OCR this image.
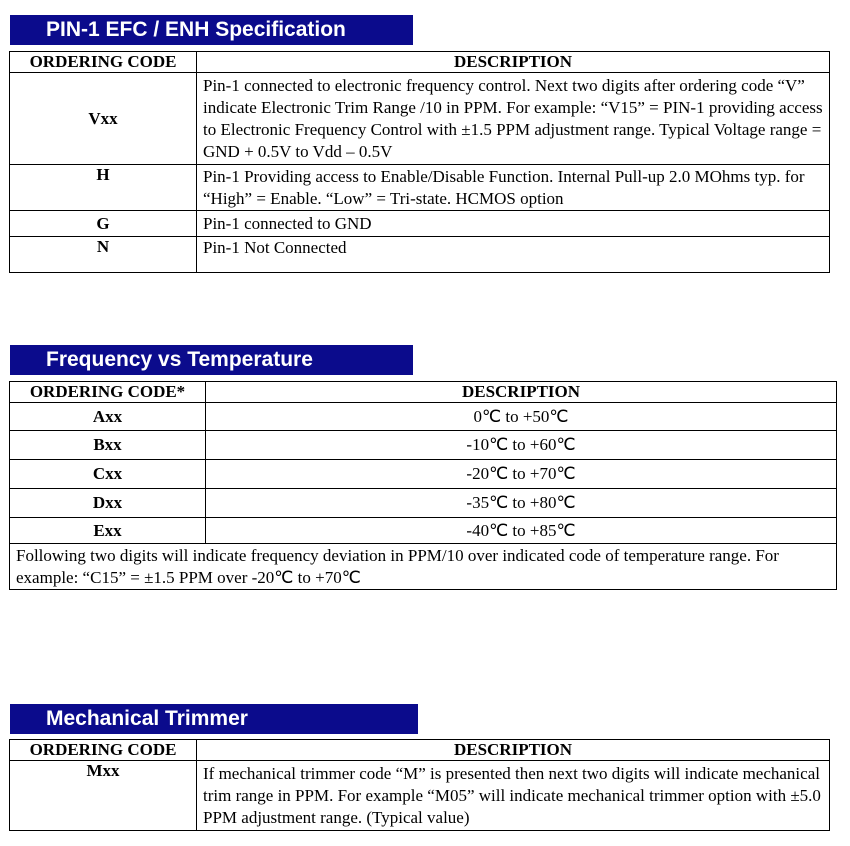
PIN-1 EFC / ENH Specification
ORDERING CODE	DESCRIPTION
Vxx	Pin-1 connected to electronic frequency control. Next two digits after ordering code “V” indicate Electronic Trim Range /10 in PPM. For example: “V15” = PIN-1 providing access to Electronic Frequency Control with ±1.5 PPM adjustment range. Typical Voltage range = GND + 0.5V to Vdd – 0.5V
H	Pin-1 Providing access to Enable/Disable Function. Internal Pull-up 2.0 MOhms typ. for “High” = Enable. “Low” = Tri-state. HCMOS option
G	Pin-1 connected to GND
N	Pin-1 Not Connected
Frequency vs Temperature
ORDERING CODE*	DESCRIPTION
Axx	0℃ to +50℃
Bxx	-10℃ to +60℃
Cxx	-20℃ to +70℃
Dxx	-35℃ to +80℃
Exx	-40℃ to +85℃
Following two digits will indicate frequency deviation in PPM/10 over indicated code of temperature range. For example: “C15” = ±1.5 PPM over -20℃ to +70℃	
Mechanical Trimmer
ORDERING CODE	DESCRIPTION
Mxx	If mechanical trimmer code “M” is presented then next two digits will indicate mechanical trim range in PPM. For example “M05” will indicate mechanical trimmer option with ±5.0 PPM adjustment range. (Typical value)
